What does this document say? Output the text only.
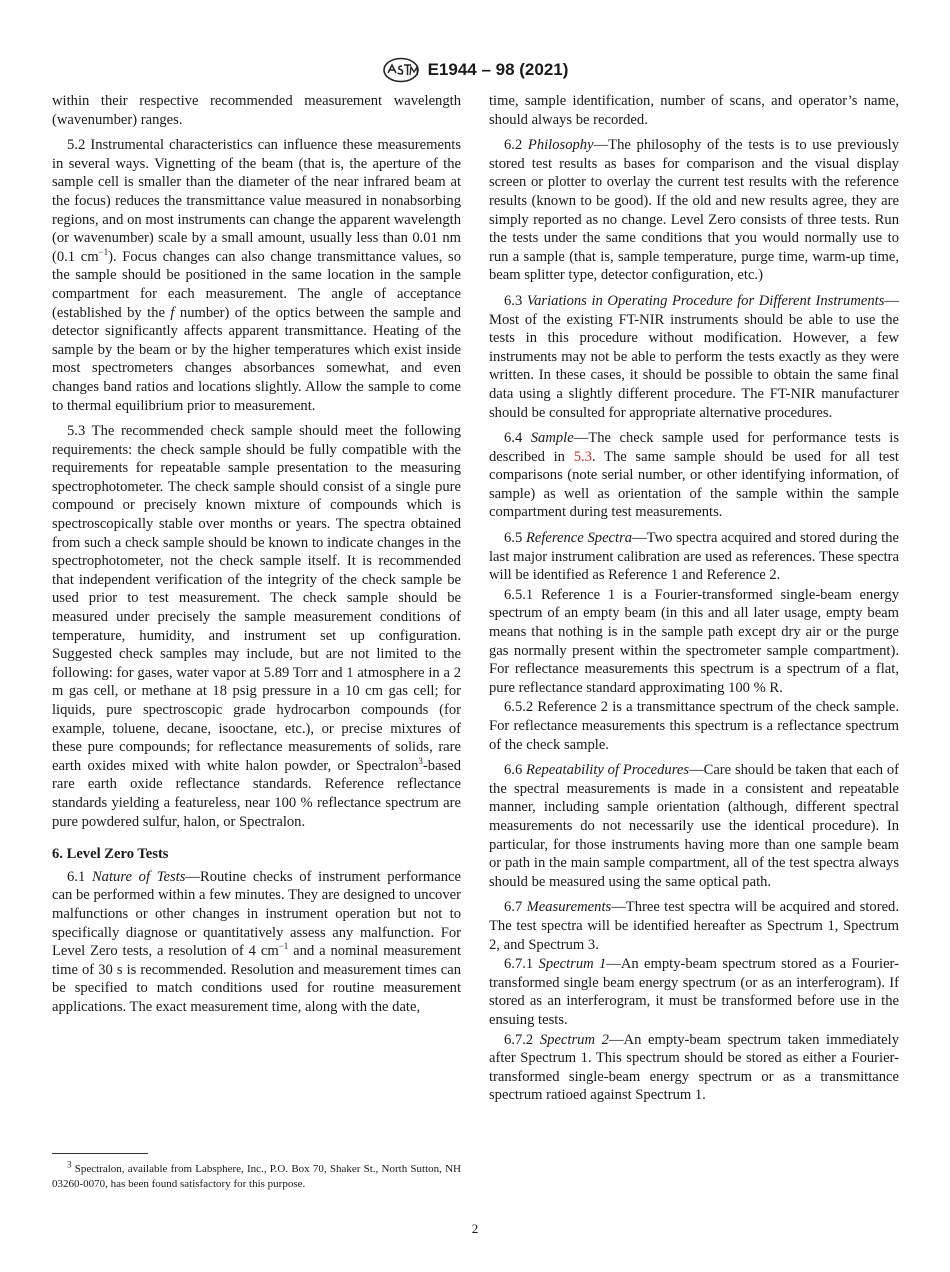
E1944 – 98 (2021)

within their respective recommended measurement wavelength (wavenumber) ranges.

5.2 Instrumental characteristics can influence these measurements in several ways. Vignetting of the beam (that is, the aperture of the sample cell is smaller than the diameter of the near infrared beam at the focus) reduces the transmittance value measured in nonabsorbing regions, and on most instruments can change the apparent wavelength (or wavenumber) scale by a small amount, usually less than 0.01 nm (0.1 $cm^{-1}$). Focus changes can also change transmittance values, so the sample should be positioned in the same location in the sample compartment for each measurement. The angle of acceptance (established by the f number) of the optics between the sample and detector significantly affects apparent transmittance. Heating of the sample by the beam or by the higher temperatures which exist inside most spectrometers changes absorbances somewhat, and even changes band ratios and locations slightly. Allow the sample to come to thermal equilibrium prior to measurement.

5.3 The recommended check sample should meet the following requirements: the check sample should be fully compatible with the requirements for repeatable sample presentation to the measuring spectrophotometer. The check sample should consist of a single pure compound or precisely known mixture of compounds which is spectroscopically stable over months or years. The spectra obtained from such a check sample should be known to indicate changes in the spectrophotometer, not the check sample itself. It is recommended that independent verification of the integrity of the check sample be used prior to test measurement. The check sample should be measured under precisely the sample measurement conditions of temperature, humidity, and instrument set up configuration. Suggested check samples may include, but are not limited to the following: for gases, water vapor at 5.89 Torr and 1 atmosphere in a 2 m gas cell, or methane at 18 psig pressure in a 10 cm gas cell; for liquids, pure spectroscopic grade hydrocarbon compounds (for example, toluene, decane, isooctane, etc.), or precise mixtures of these pure compounds; for reflectance measurements of solids, rare earth oxides mixed with white halon powder, or Spectralon$^3$-based rare earth oxide reflectance standards. Reference reflectance standards yielding a featureless, near 100 % reflectance spectrum are pure powdered sulfur, halon, or Spectralon.

6. Level Zero Tests

6.1 Nature of Tests—Routine checks of instrument performance can be performed within a few minutes. They are designed to uncover malfunctions or other changes in instrument operation but not to specifically diagnose or quantitatively assess any malfunction. For Level Zero tests, a resolution of 4 $cm^{-1}$ and a nominal measurement time of 30 s is recommended. Resolution and measurement times can be specified to match conditions used for routine measurement applications. The exact measurement time, along with the date,

time, sample identification, number of scans, and operator’s name, should always be recorded.

6.2 Philosophy—The philosophy of the tests is to use previously stored test results as bases for comparison and the visual display screen or plotter to overlay the current test results with the reference results (known to be good). If the old and new results agree, they are simply reported as no change. Level Zero consists of three tests. Run the tests under the same conditions that you would normally use to run a sample (that is, sample temperature, purge time, warm-up time, beam splitter type, detector configuration, etc.)

6.3 Variations in Operating Procedure for Different Instruments—Most of the existing FT-NIR instruments should be able to use the tests in this procedure without modification. However, a few instruments may not be able to perform the tests exactly as they were written. In these cases, it should be possible to obtain the same final data using a slightly different procedure. The FT-NIR manufacturer should be consulted for appropriate alternative procedures.

6.4 Sample—The check sample used for performance tests is described in 5.3. The same sample should be used for all test comparisons (note serial number, or other identifying information, of sample) as well as orientation of the sample within the sample compartment during test measurements.

6.5 Reference Spectra—Two spectra acquired and stored during the last major instrument calibration are used as references. These spectra will be identified as Reference 1 and Reference 2.

6.5.1 Reference 1 is a Fourier-transformed single-beam energy spectrum of an empty beam (in this and all later usage, empty beam means that nothing is in the sample path except dry air or the purge gas normally present within the spectrometer sample compartment). For reflectance measurements this spectrum is a spectrum of a flat, pure reflectance standard approximating 100 % R.

6.5.2 Reference 2 is a transmittance spectrum of the check sample. For reflectance measurements this spectrum is a reflectance spectrum of the check sample.

6.6 Repeatability of Procedures—Care should be taken that each of the spectral measurements is made in a consistent and repeatable manner, including sample orientation (although, different spectral measurements do not necessarily use the identical procedure). In particular, for those instruments having more than one sample beam or path in the main sample compartment, all of the test spectra always should be measured using the same optical path.

6.7 Measurements—Three test spectra will be acquired and stored. The test spectra will be identified hereafter as Spectrum 1, Spectrum 2, and Spectrum 3.

6.7.1 Spectrum 1—An empty-beam spectrum stored as a Fourier-transformed single beam energy spectrum (or as an interferogram). If stored as an interferogram, it must be transformed before use in the ensuing tests.

6.7.2 Spectrum 2—An empty-beam spectrum taken immediately after Spectrum 1. This spectrum should be stored as either a Fourier-transformed single-beam energy spectrum or as a transmittance spectrum ratioed against Spectrum 1.

$^3$ Spectralon, available from Labsphere, Inc., P.O. Box 70, Shaker St., North Sutton, NH 03260-0070, has been found satisfactory for this purpose.
2
